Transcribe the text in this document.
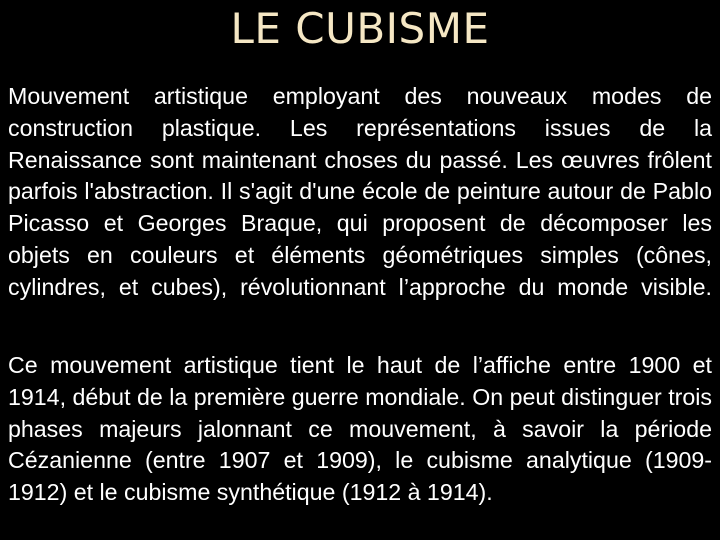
LE CUBISME

Mouvement artistique employant des nouveaux modes de construction plastique. Les représentations issues de la Renaissance sont maintenant choses du passé. Les œuvres frôlent parfois l'abstraction. Il s'agit d'une école de peinture autour de Pablo Picasso et Georges Braque, qui proposent de décomposer les objets en couleurs et éléments géométriques simples (cônes, cylindres, et cubes), révolutionnant l’approche du monde visible.

Ce mouvement artistique tient le haut de l’affiche entre 1900 et 1914, début de la première guerre mondiale. On peut distinguer trois phases majeurs jalonnant ce mouvement, à savoir la période Cézanienne (entre 1907 et 1909), le cubisme analytique (1909-1912) et le cubisme synthétique (1912 à 1914).
